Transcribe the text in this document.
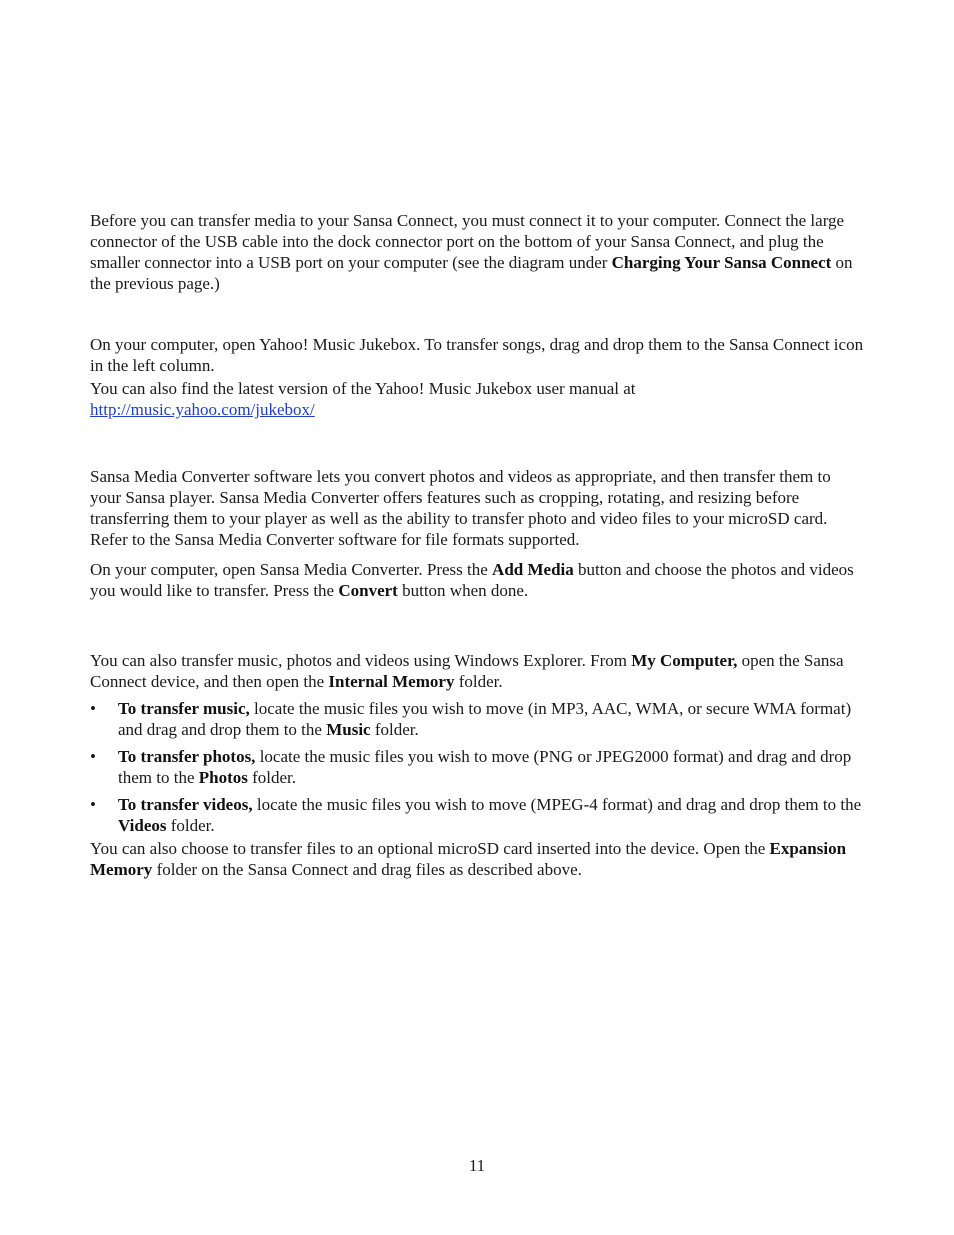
Before you can transfer media to your Sansa Connect, you must connect it to your computer. Connect the large connector of the USB cable into the dock connector port on the bottom of your Sansa Connect, and plug the smaller connector into a USB port on your computer (see the diagram under Charging Your Sansa Connect on the previous page.)

On your computer, open Yahoo! Music Jukebox. To transfer songs, drag and drop them to the Sansa Connect icon in the left column.

You can also find the latest version of the Yahoo! Music Jukebox user manual at
http://music.yahoo.com/jukebox/

Sansa Media Converter software lets you convert photos and videos as appropriate, and then transfer them to your Sansa player. Sansa Media Converter offers features such as cropping, rotating, and resizing before transferring them to your player as well as the ability to transfer photo and video files to your microSD card. Refer to the Sansa Media Converter software for file formats supported.

On your computer, open Sansa Media Converter. Press the Add Media button and choose the photos and videos you would like to transfer. Press the Convert button when done.

You can also transfer music, photos and videos using Windows Explorer. From My Computer, open the Sansa Connect device, and then open the Internal Memory folder.

•	To transfer music, locate the music files you wish to move (in MP3, AAC, WMA, or secure WMA format) and drag and drop them to the Music folder.
•	To transfer photos, locate the music files you wish to move (PNG or JPEG2000 format) and drag and drop them to the Photos folder.
•	To transfer videos, locate the music files you wish to move (MPEG-4 format) and drag and drop them to the Videos folder.

You can also choose to transfer files to an optional microSD card inserted into the device. Open the Expansion Memory folder on the Sansa Connect and drag files as described above.

11
